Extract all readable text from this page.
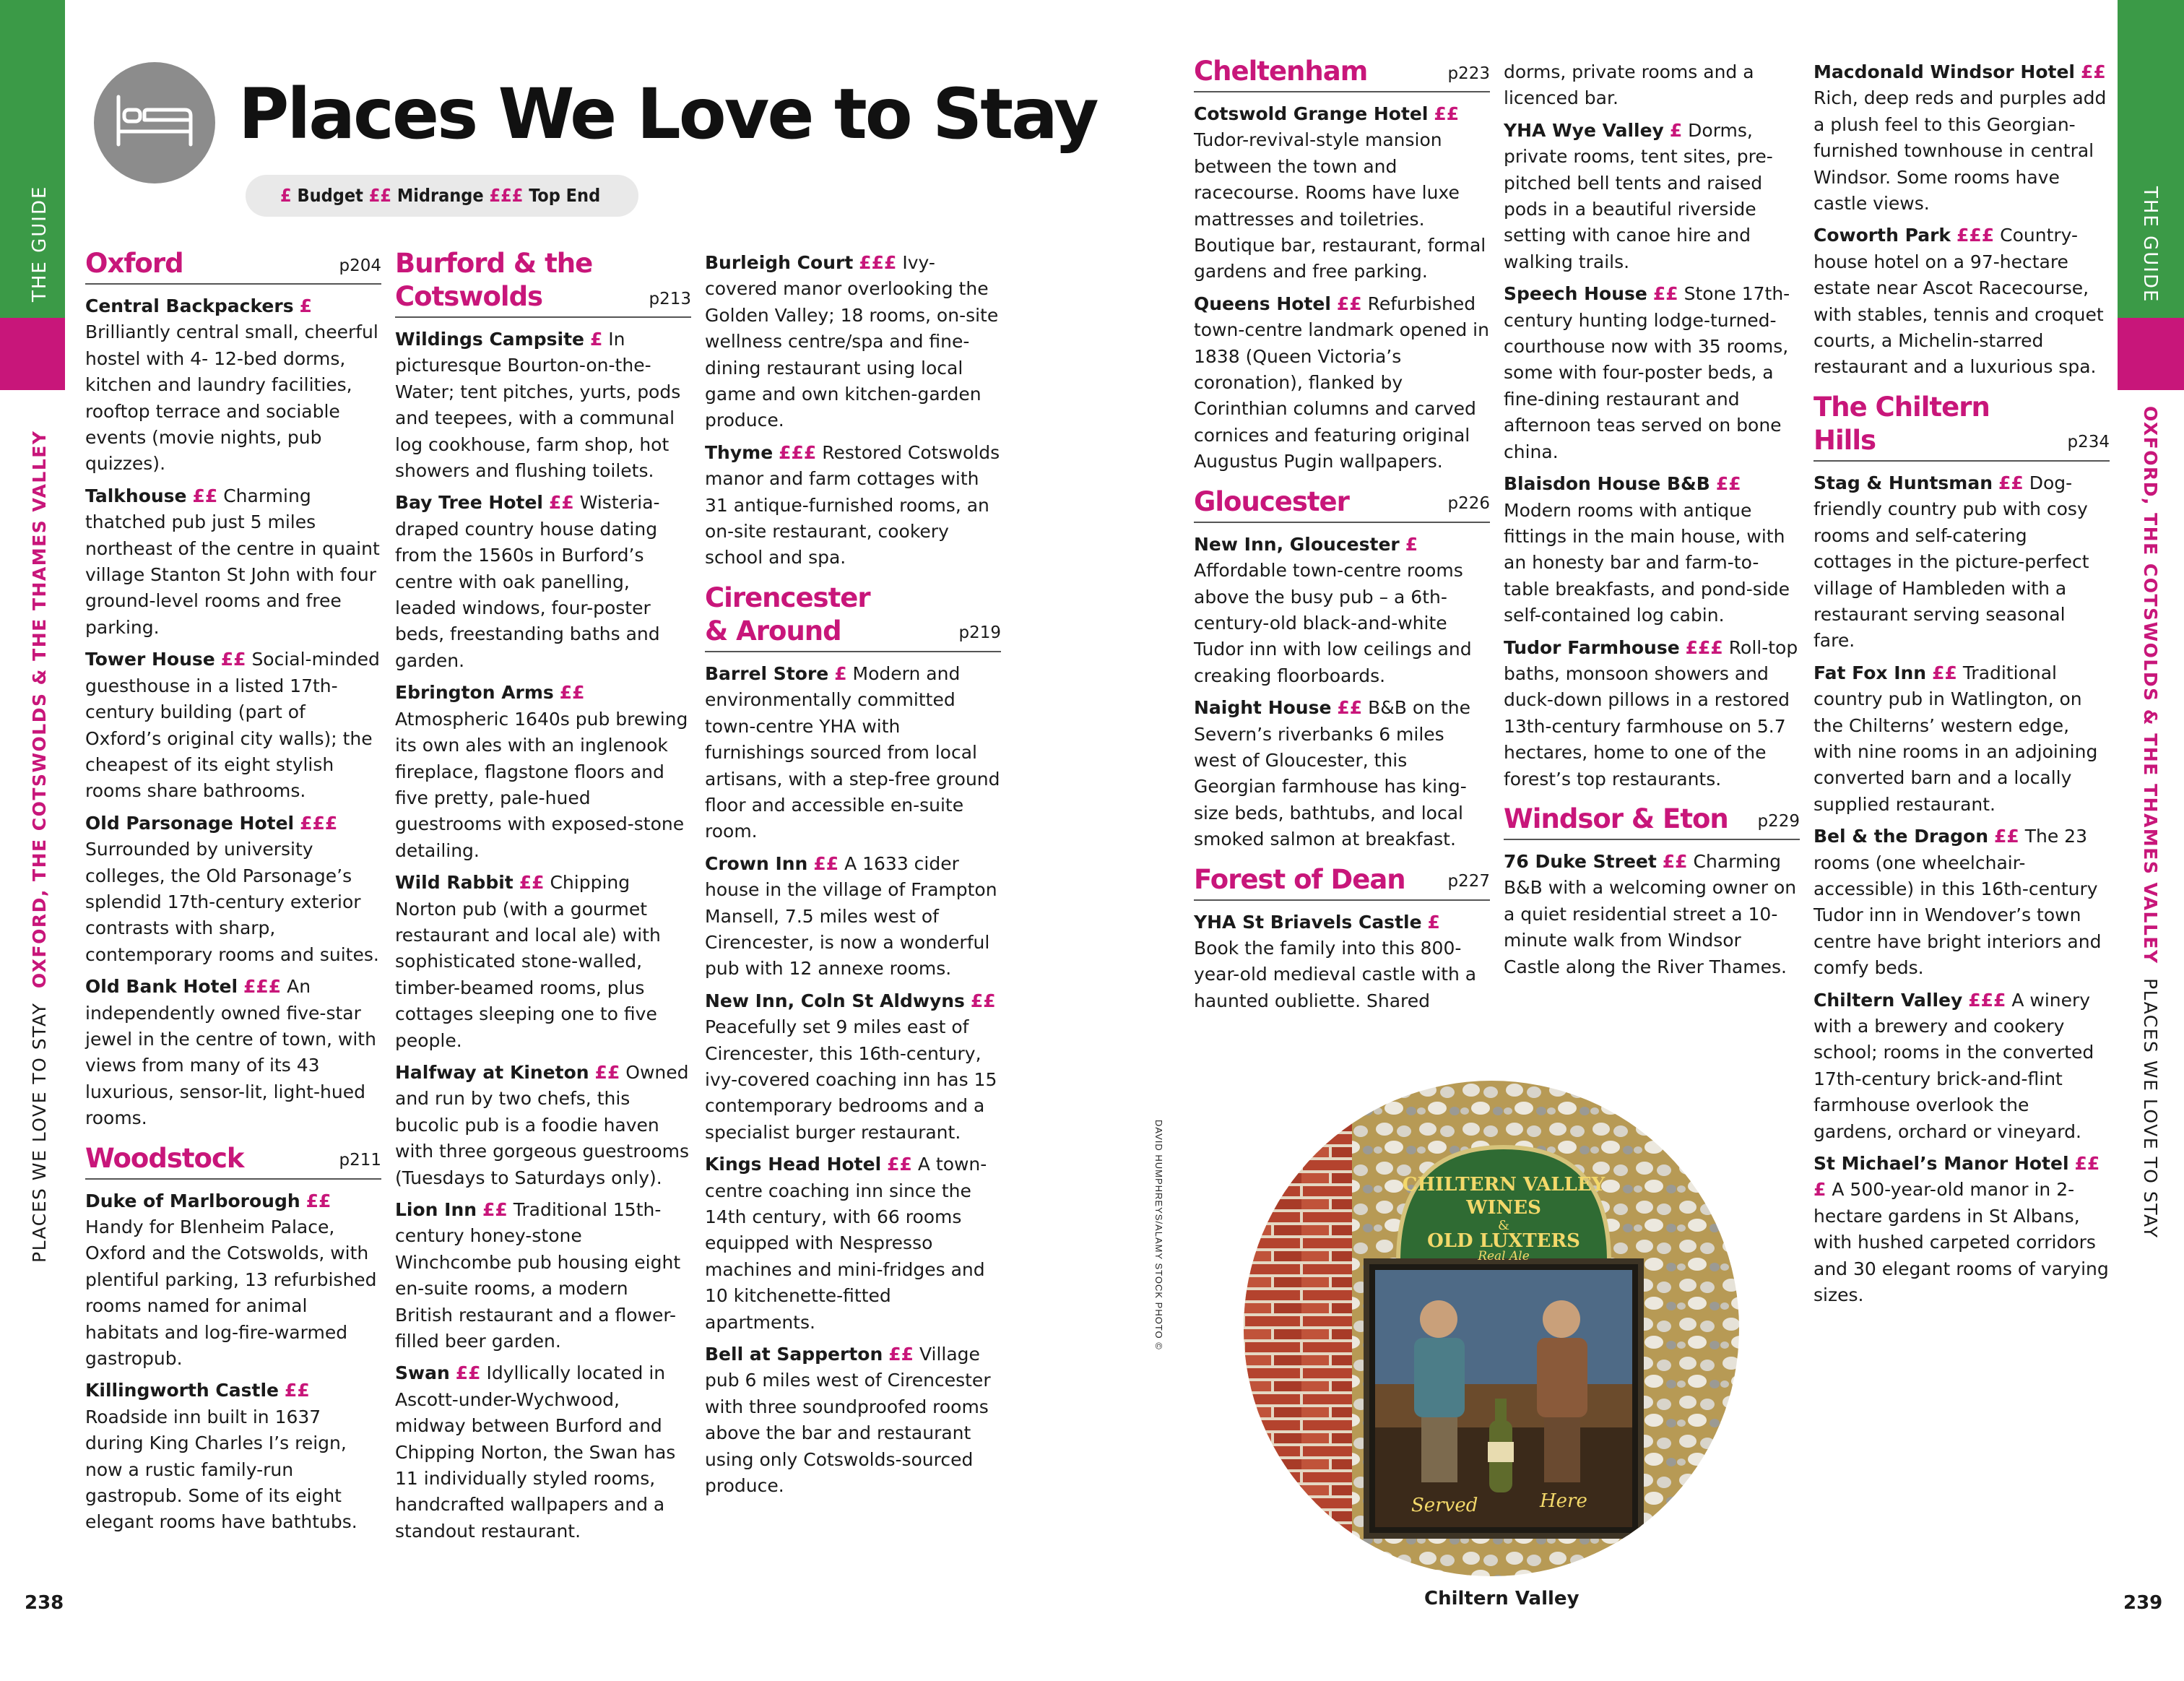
THE GUIDE
PLACES WE LOVE TO STAY OXFORD, THE COTSWOLDS & THE THAMES VALLEY
THE GUIDE
OXFORD, THE COTSWOLDS & THE THAMES VALLEY PLACES WE LOVE TO STAY
Places We Love to Stay
£ Budget ££ Midrange £££ Top End
Oxford	p204
Central Backpackers £ Brilliantly central small, cheerful hostel with 4- 12-bed dorms, kitchen and laundry facilities, rooftop terrace and sociable events (movie nights, pub quizzes).
Talkhouse ££ Charming thatched pub just 5 miles northeast of the centre in quaint village Stanton St John with four ground-level rooms and free parking.
Tower House ££ Social-minded guesthouse in a listed 17th-century building (part of Oxford’s original city walls); the cheapest of its eight stylish rooms share bathrooms.
Old Parsonage Hotel £££ Surrounded by university colleges, the Old Parsonage’s splendid 17th-century exterior contrasts with sharp, contemporary rooms and suites.
Old Bank Hotel £££ An independently owned five-star jewel in the centre of town, with views from many of its 43 luxurious, sensor-lit, light-hued rooms.
Woodstock	p211
Duke of Marlborough ££ Handy for Blenheim Palace, Oxford and the Cotswolds, with plentiful parking, 13 refurbished rooms named for animal habitats and log-fire-warmed gastropub.
Killingworth Castle ££ Roadside inn built in 1637 during King Charles I’s reign, now a rustic family-run gastropub. Some of its eight elegant rooms have bathtubs.
Burford & the Cotswolds	p213
Wildings Campsite £ In picturesque Bourton-on-the-Water; tent pitches, yurts, pods and teepees, with a communal log cookhouse, farm shop, hot showers and flushing toilets.
Bay Tree Hotel ££ Wisteria-draped country house dating from the 1560s in Burford’s centre with oak panelling, leaded windows, four-poster beds, freestanding baths and garden.
Ebrington Arms ££ Atmospheric 1640s pub brewing its own ales with an inglenook fireplace, flagstone floors and five pretty, pale-hued guestrooms with exposed-stone detailing.
Wild Rabbit ££ Chipping Norton pub (with a gourmet restaurant and local ale) with sophisticated stone-walled, timber-beamed rooms, plus cottages sleeping one to five people.
Halfway at Kineton ££ Owned and run by two chefs, this bucolic pub is a foodie haven with three gorgeous guestrooms (Tuesdays to Saturdays only).
Lion Inn ££ Traditional 15th-century honey-stone Winchcombe pub housing eight en-suite rooms, a modern British restaurant and a flower-filled beer garden.
Swan ££ Idyllically located in Ascott-under-Wychwood, midway between Burford and Chipping Norton, the Swan has 11 individually styled rooms, handcrafted wallpapers and a standout restaurant.
Burleigh Court £££ Ivy-covered manor overlooking the Golden Valley; 18 rooms, on-site wellness centre/spa and fine-dining restaurant using local game and own kitchen-garden produce.
Thyme £££ Restored Cotswolds manor and farm cottages with 31 antique-furnished rooms, an on-site restaurant, cookery school and spa.
Cirencester & Around	p219
Barrel Store £ Modern and environmentally committed town-centre YHA with furnishings sourced from local artisans, with a step-free ground floor and accessible en-suite room.
Crown Inn ££ A 1633 cider house in the village of Frampton Mansell, 7.5 miles west of Cirencester, is now a wonderful pub with 12 annexe rooms.
New Inn, Coln St Aldwyns ££ Peacefully set 9 miles east of Cirencester, this 16th-century, ivy-covered coaching inn has 15 contemporary bedrooms and a specialist burger restaurant.
Kings Head Hotel ££ A town-centre coaching inn since the 14th century, with 66 rooms equipped with Nespresso machines and mini-fridges and 10 kitchenette-fitted apartments.
Bell at Sapperton ££ Village pub 6 miles west of Cirencester with three soundproofed rooms above the bar and restaurant using only Cotswolds-sourced produce.
Cheltenham	p223
Cotswold Grange Hotel ££ Tudor-revival-style mansion between the town and racecourse. Rooms have luxe mattresses and toiletries. Boutique bar, restaurant, formal gardens and free parking.
Queens Hotel ££ Refurbished town-centre landmark opened in 1838 (Queen Victoria’s coronation), flanked by Corinthian columns and carved cornices and featuring original Augustus Pugin wallpapers.
Gloucester	p226
New Inn, Gloucester £ Affordable town-centre rooms above the busy pub – a 6th-century-old black-and-white Tudor inn with low ceilings and creaking floorboards.
Naight House ££ B&B on the Severn’s riverbanks 6 miles west of Gloucester, this Georgian farmhouse has king-size beds, bathtubs, and local smoked salmon at breakfast.
Forest of Dean	p227
YHA St Briavels Castle £ Book the family into this 800-year-old medieval castle with a haunted oubliette. Shared
dorms, private rooms and a licenced bar.
YHA Wye Valley £ Dorms, private rooms, tent sites, pre-pitched bell tents and raised pods in a beautiful riverside setting with canoe hire and walking trails.
Speech House ££ Stone 17th-century hunting lodge-turned-courthouse now with 35 rooms, some with four-poster beds, a fine-dining restaurant and afternoon teas served on bone china.
Blaisdon House B&B ££ Modern rooms with antique fittings in the main house, with an honesty bar and farm-to-table breakfasts, and pond-side self-contained log cabin.
Tudor Farmhouse £££ Roll-top baths, monsoon showers and duck-down pillows in a restored 13th-century farmhouse on 5.7 hectares, home to one of the forest’s top restaurants.
Windsor & Eton	p229
76 Duke Street ££ Charming B&B with a welcoming owner on a quiet residential street a 10-minute walk from Windsor Castle along the River Thames.
Macdonald Windsor Hotel ££ Rich, deep reds and purples add a plush feel to this Georgian-furnished townhouse in central Windsor. Some rooms have castle views.
Coworth Park £££ Country-house hotel on a 97-hectare estate near Ascot Racecourse, with stables, tennis and croquet courts, a Michelin-starred restaurant and a luxurious spa.
The Chiltern Hills	p234
Stag & Huntsman ££ Dog-friendly country pub with cosy rooms and self-catering cottages in the picture-perfect village of Hambleden with a restaurant serving seasonal fare.
Fat Fox Inn ££ Traditional country pub in Watlington, on the Chilterns’ western edge, with nine rooms in an adjoining converted barn and a locally supplied restaurant.
Bel & the Dragon ££ The 23 rooms (one wheelchair-accessible) in this 16th-century Tudor inn in Wendover’s town centre have bright interiors and comfy beds.
Chiltern Valley £££ A winery with a brewery and cookery school; rooms in the converted 17th-century brick-and-flint farmhouse overlook the gardens, orchard or vineyard.
St Michael’s Manor Hotel £££ A 500-year-old manor in 2-hectare gardens in St Albans, with hushed carpeted corridors and 30 elegant rooms of varying sizes.
DAVID HUMPHREYS/ALAMY STOCK PHOTO ©	CHILTERN VALLEY
WINES
&
OLD LUXTERS
Real Ale
Served	Here
Chiltern Valley
238	239
